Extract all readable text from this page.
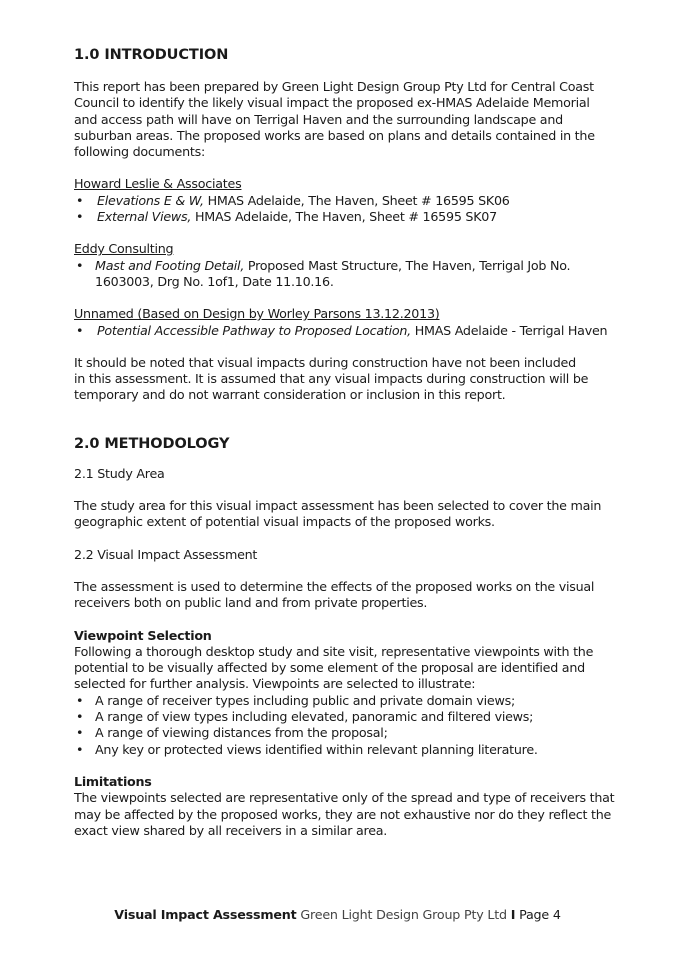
1.0 INTRODUCTION

This report has been prepared by Green Light Design Group Pty Ltd for Central Coast
Council to identify the likely visual impact the proposed ex-HMAS Adelaide Memorial
and access path will have on Terrigal Haven and the surrounding landscape and
suburban areas. The proposed works are based on plans and details contained in the
following documents:

Howard Leslie & Associates

• Elevations E & W, HMAS Adelaide, The Haven, Sheet # 16595 SK06
• External Views, HMAS Adelaide, The Haven, Sheet # 16595 SK07

Eddy Consulting

• Mast and Footing Detail, Proposed Mast Structure, The Haven, Terrigal Job No.
1603003, Drg No. 1of1, Date 11.10.16.

Unnamed (Based on Design by Worley Parsons 13.12.2013)

• Potential Accessible Pathway to Proposed Location, HMAS Adelaide - Terrigal Haven

It should be noted that visual impacts during construction have not been included
in this assessment. It is assumed that any visual impacts during construction will be
temporary and do not warrant consideration or inclusion in this report.

2.0 METHODOLOGY
2.1 Study Area

The study area for this visual impact assessment has been selected to cover the main
geographic extent of potential visual impacts of the proposed works.

2.2 Visual Impact Assessment

The assessment is used to determine the effects of the proposed works on the visual
receivers both on public land and from private properties.

Viewpoint Selection

Following a thorough desktop study and site visit, representative viewpoints with the
potential to be visually affected by some element of the proposal are identified and
selected for further analysis. Viewpoints are selected to illustrate:

• A range of receiver types including public and private domain views;
• A range of view types including elevated, panoramic and filtered views;
• A range of viewing distances from the proposal;
• Any key or protected views identified within relevant planning literature.

Limitations

The viewpoints selected are representative only of the spread and type of receivers that
may be affected by the proposed works, they are not exhaustive nor do they reflect the
exact view shared by all receivers in a similar area.

Visual Impact Assessment Green Light Design Group Pty Ltd I Page 4
